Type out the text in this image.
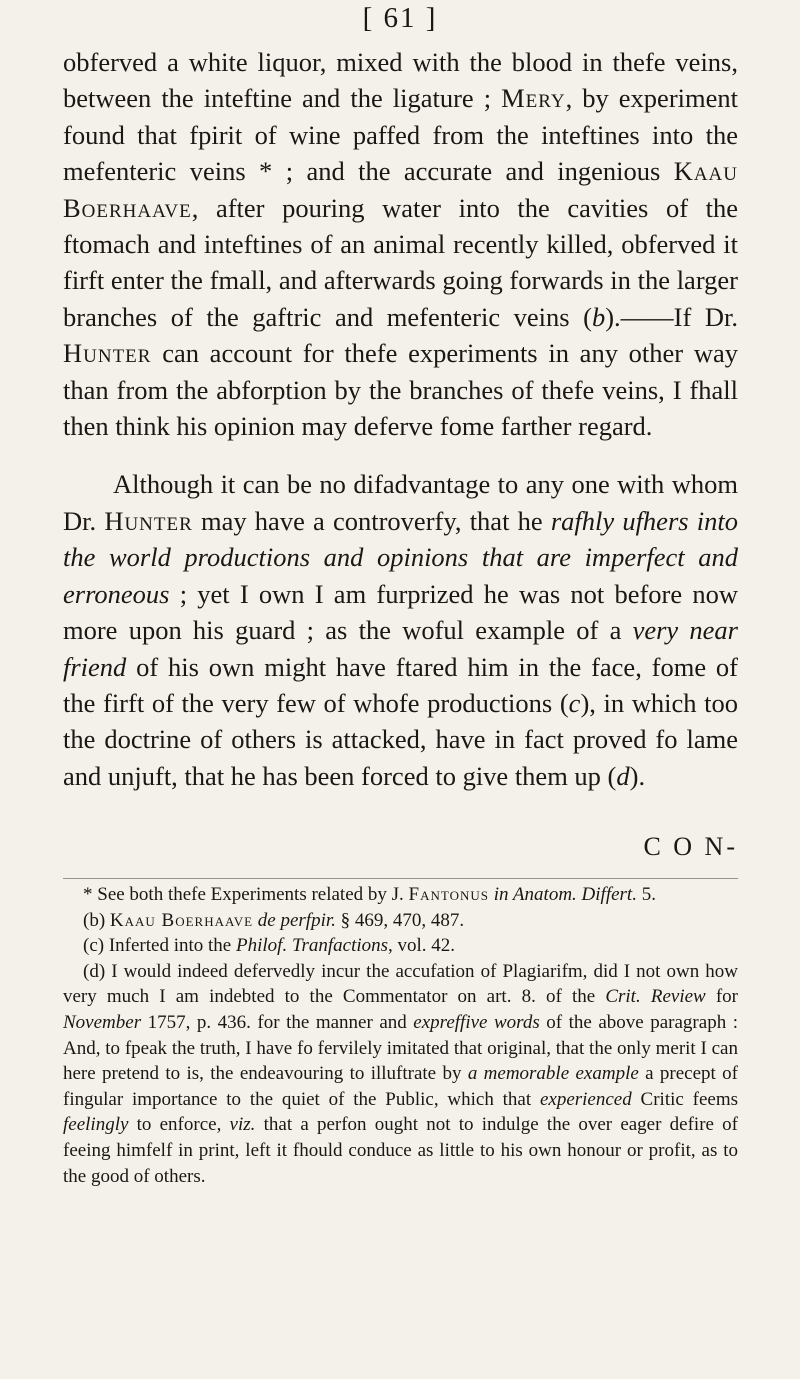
[ 61 ]

obferved a white liquor, mixed with the blood in thefe veins, between the inteftine and the ligature ; Mery, by experiment found that fpirit of wine paffed from the inteftines into the mefenteric veins * ; and the accurate and ingenious Kaau Boerhaave, after pouring water into the cavities of the ftomach and inteftines of an animal recently killed, obferved it firft enter the fmall, and afterwards going forwards in the larger branches of the gaftric and mefenteric veins (b).——If Dr. Hunter can account for thefe experiments in any other way than from the abforption by the branches of thefe veins, I fhall then think his opinion may deferve fome farther regard.

Although it can be no difadvantage to any one with whom Dr. Hunter may have a controverfy, that he rafhly ufhers into the world productions and opinions that are imperfect and erroneous ; yet I own I am furprized he was not before now more upon his guard ; as the woful example of a very near friend of his own might have ftared him in the face, fome of the firft of the very few of whofe productions (c), in which too the doctrine of others is attacked, have in fact proved fo lame and unjuft, that he has been forced to give them up (d).

C O N-

* See both thefe Experiments related by J. Fantonus in Anatom. Differt. 5.

(b) Kaau Boerhaave de perfpir. § 469, 470, 487.

(c) Inferted into the Philof. Tranfactions, vol. 42.

(d) I would indeed defervedly incur the accufation of Plagiarifm, did I not own how very much I am indebted to the Commentator on art. 8. of the Crit. Review for November 1757, p. 436. for the manner and expreffive words of the above paragraph : And, to fpeak the truth, I have fo fervilely imitated that original, that the only merit I can here pretend to is, the endeavouring to illuftrate by a memorable example a precept of fingular importance to the quiet of the Public, which that experienced Critic feems feelingly to enforce, viz. that a perfon ought not to indulge the over eager defire of feeing himfelf in print, left it fhould conduce as little to his own honour or profit, as to the good of others.
